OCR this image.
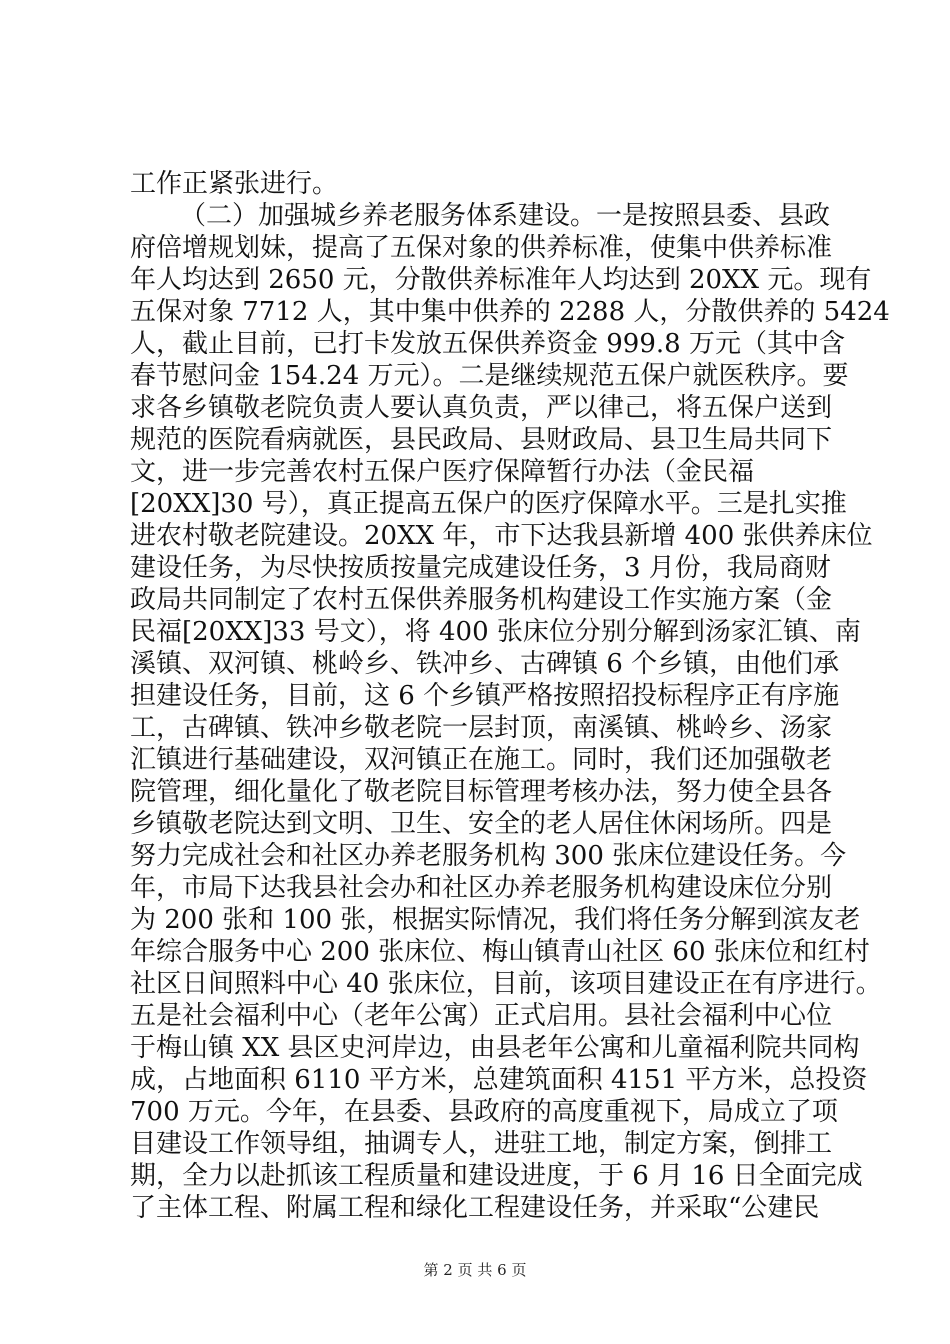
工作正紧张进行。
（二）加强城乡养老服务体系建设。一是按照县委、县政
府倍增规划妹，提高了五保对象的供养标准，使集中供养标准
年人均达到 2650 元，分散供养标准年人均达到 20XX 元。现有
五保对象 7712 人，其中集中供养的 2288 人，分散供养的 5424
人，截止目前，已打卡发放五保供养资金 999.8 万元（其中含
春节慰问金 154.24 万元）。二是继续规范五保户就医秩序。要
求各乡镇敬老院负责人要认真负责，严以律己，将五保户送到
规范的医院看病就医，县民政局、县财政局、县卫生局共同下
文，进一步完善农村五保户医疗保障暂行办法（金民福
[20XX]30 号），真正提高五保户的医疗保障水平。三是扎实推
进农村敬老院建设。20XX 年，市下达我县新增 400 张供养床位
建设任务，为尽快按质按量完成建设任务，3 月份，我局商财
政局共同制定了农村五保供养服务机构建设工作实施方案（金
民福[20XX]33 号文），将 400 张床位分别分解到汤家汇镇、南
溪镇、双河镇、桃岭乡、铁冲乡、古碑镇 6 个乡镇，由他们承
担建设任务，目前，这 6 个乡镇严格按照招投标程序正有序施
工，古碑镇、铁冲乡敬老院一层封顶，南溪镇、桃岭乡、汤家
汇镇进行基础建设，双河镇正在施工。同时，我们还加强敬老
院管理，细化量化了敬老院目标管理考核办法，努力使全县各
乡镇敬老院达到文明、卫生、安全的老人居住休闲场所。四是
努力完成社会和社区办养老服务机构 300 张床位建设任务。今
年，市局下达我县社会办和社区办养老服务机构建设床位分别
为 200 张和 100 张，根据实际情况，我们将任务分解到滨友老
年综合服务中心 200 张床位、梅山镇青山社区 60 张床位和红村
社区日间照料中心 40 张床位，目前，该项目建设正在有序进行。
五是社会福利中心（老年公寓）正式启用。县社会福利中心位
于梅山镇 XX 县区史河岸边，由县老年公寓和儿童福利院共同构
成，占地面积 6110 平方米，总建筑面积 4151 平方米，总投资
700 万元。今年，在县委、县政府的高度重视下，局成立了项
目建设工作领导组，抽调专人，进驻工地，制定方案，倒排工
期，全力以赴抓该工程质量和建设进度，于 6 月 16 日全面完成
了主体工程、附属工程和绿化工程建设任务，并采取“公建民
第 2 页 共 6 页
